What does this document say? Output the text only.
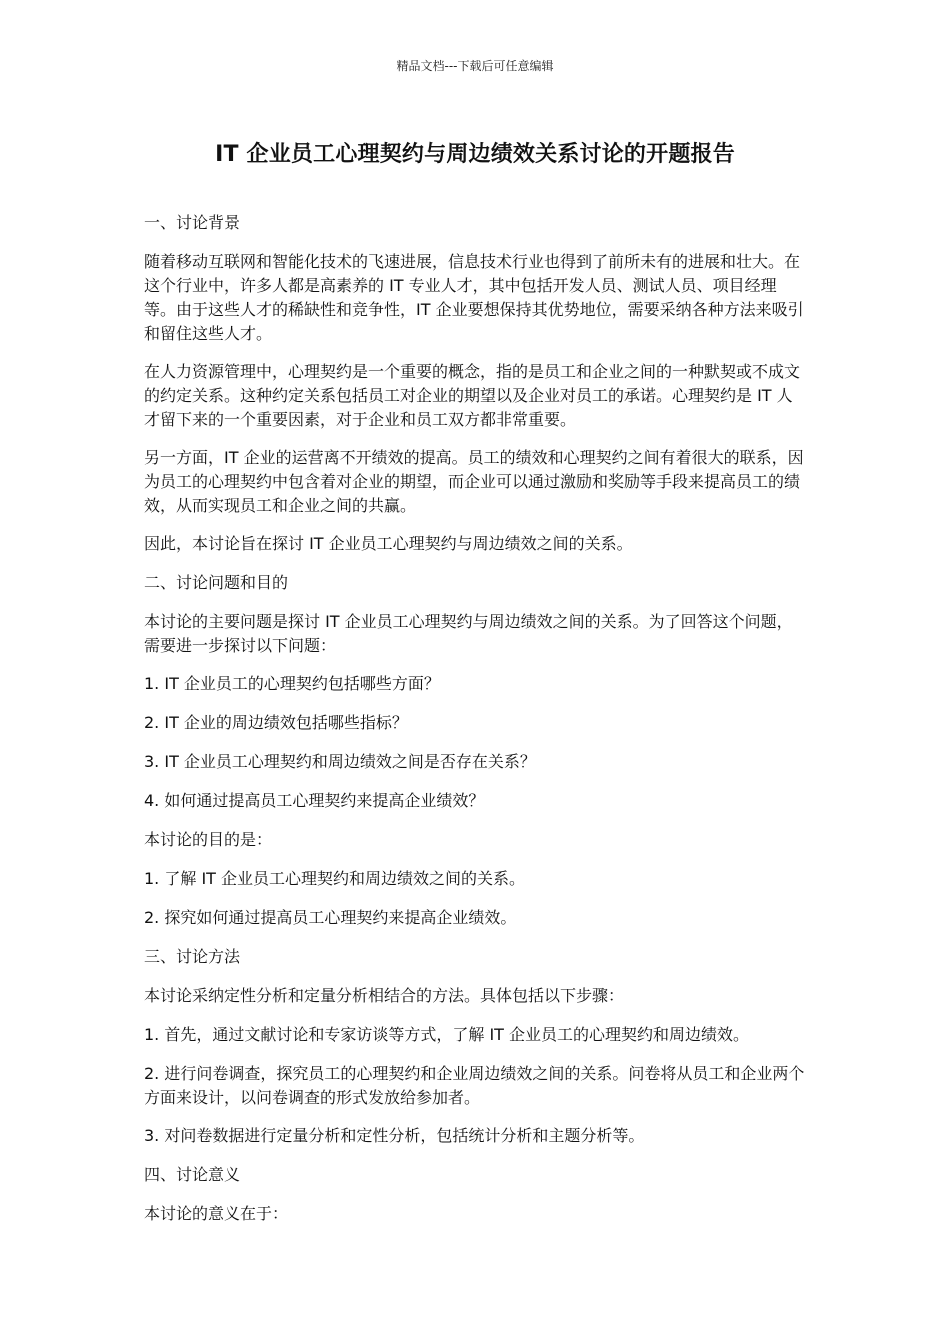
精品文档---下载后可任意编辑
IT 企业员工心理契约与周边绩效关系讨论的开题报告

一、讨论背景

随着移动互联网和智能化技术的飞速进展，信息技术行业也得到了前所未有的进展和壮大。在这个行业中，许多人都是高素养的 IT 专业人才，其中包括开发人员、测试人员、项目经理等。由于这些人才的稀缺性和竞争性，IT 企业要想保持其优势地位，需要采纳各种方法来吸引和留住这些人才。

在人力资源管理中，心理契约是一个重要的概念，指的是员工和企业之间的一种默契或不成文的约定关系。这种约定关系包括员工对企业的期望以及企业对员工的承诺。心理契约是 IT 人才留下来的一个重要因素，对于企业和员工双方都非常重要。

另一方面，IT 企业的运营离不开绩效的提高。员工的绩效和心理契约之间有着很大的联系，因为员工的心理契约中包含着对企业的期望，而企业可以通过激励和奖励等手段来提高员工的绩效，从而实现员工和企业之间的共赢。

因此，本讨论旨在探讨 IT 企业员工心理契约与周边绩效之间的关系。

二、讨论问题和目的

本讨论的主要问题是探讨 IT 企业员工心理契约与周边绩效之间的关系。为了回答这个问题，需要进一步探讨以下问题：

1. IT 企业员工的心理契约包括哪些方面？

2. IT 企业的周边绩效包括哪些指标？

3. IT 企业员工心理契约和周边绩效之间是否存在关系？

4. 如何通过提高员工心理契约来提高企业绩效？

本讨论的目的是：

1. 了解 IT 企业员工心理契约和周边绩效之间的关系。

2. 探究如何通过提高员工心理契约来提高企业绩效。

三、讨论方法

本讨论采纳定性分析和定量分析相结合的方法。具体包括以下步骤：

1. 首先，通过文献讨论和专家访谈等方式，了解 IT 企业员工的心理契约和周边绩效。

2. 进行问卷调查，探究员工的心理契约和企业周边绩效之间的关系。问卷将从员工和企业两个方面来设计，以问卷调查的形式发放给参加者。

3. 对问卷数据进行定量分析和定性分析，包括统计分析和主题分析等。

四、讨论意义

本讨论的意义在于：
